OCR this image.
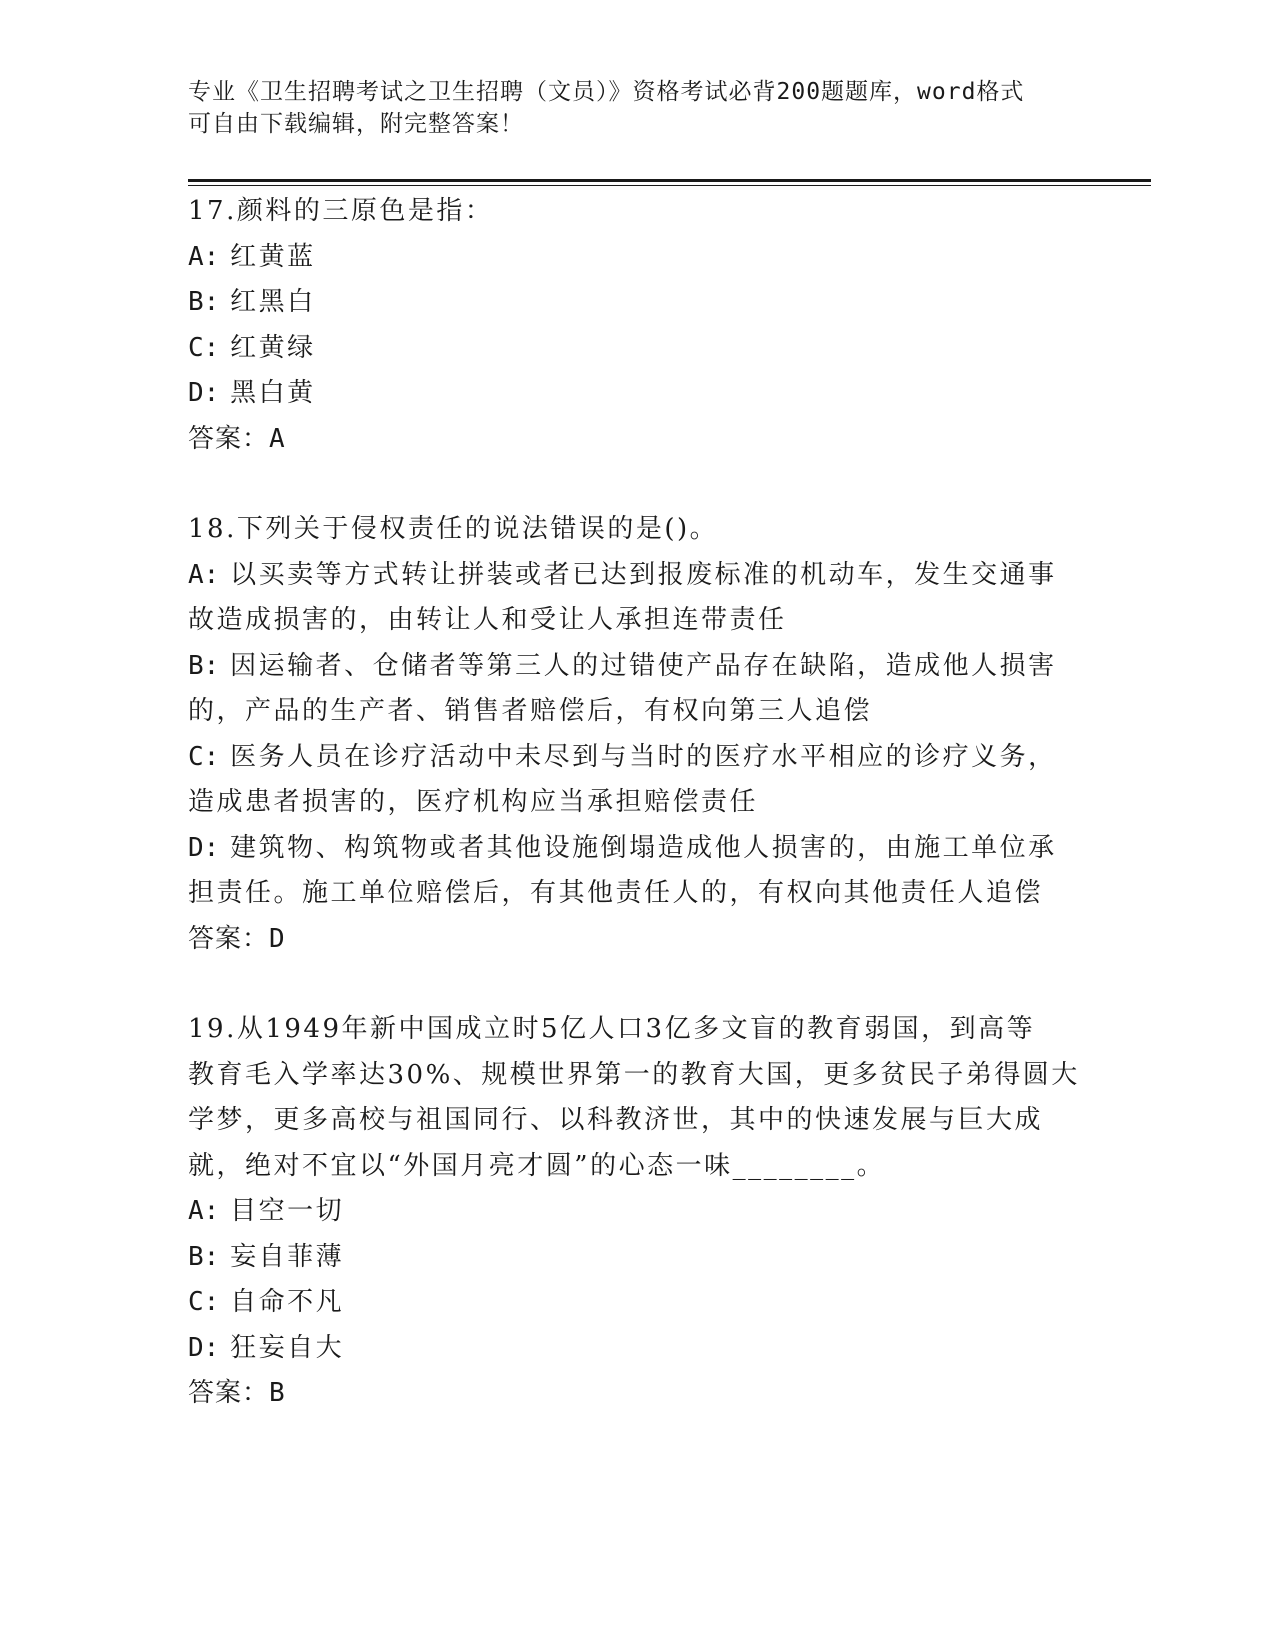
专业《卫生招聘考试之卫生招聘（文员）》资格考试必背200题题库，word格式
可自由下载编辑，附完整答案！
17.颜料的三原色是指：
A: 红黄蓝
B: 红黑白
C: 红黄绿
D: 黑白黄
答案：A
18.下列关于侵权责任的说法错误的是()。
A: 以买卖等方式转让拼装或者已达到报废标准的机动车，发生交通事
故造成损害的，由转让人和受让人承担连带责任
B: 因运输者、仓储者等第三人的过错使产品存在缺陷，造成他人损害
的，产品的生产者、销售者赔偿后，有权向第三人追偿
C: 医务人员在诊疗活动中未尽到与当时的医疗水平相应的诊疗义务，
造成患者损害的，医疗机构应当承担赔偿责任
D: 建筑物、构筑物或者其他设施倒塌造成他人损害的，由施工单位承
担责任。施工单位赔偿后，有其他责任人的，有权向其他责任人追偿
答案：D
19.从1949年新中国成立时5亿人口3亿多文盲的教育弱国，到高等
教育毛入学率达30%、规模世界第一的教育大国，更多贫民子弟得圆大
学梦，更多高校与祖国同行、以科教济世，其中的快速发展与巨大成
就，绝对不宜以“外国月亮才圆”的心态一味________。
A: 目空一切
B: 妄自菲薄
C: 自命不凡
D: 狂妄自大
答案：B
